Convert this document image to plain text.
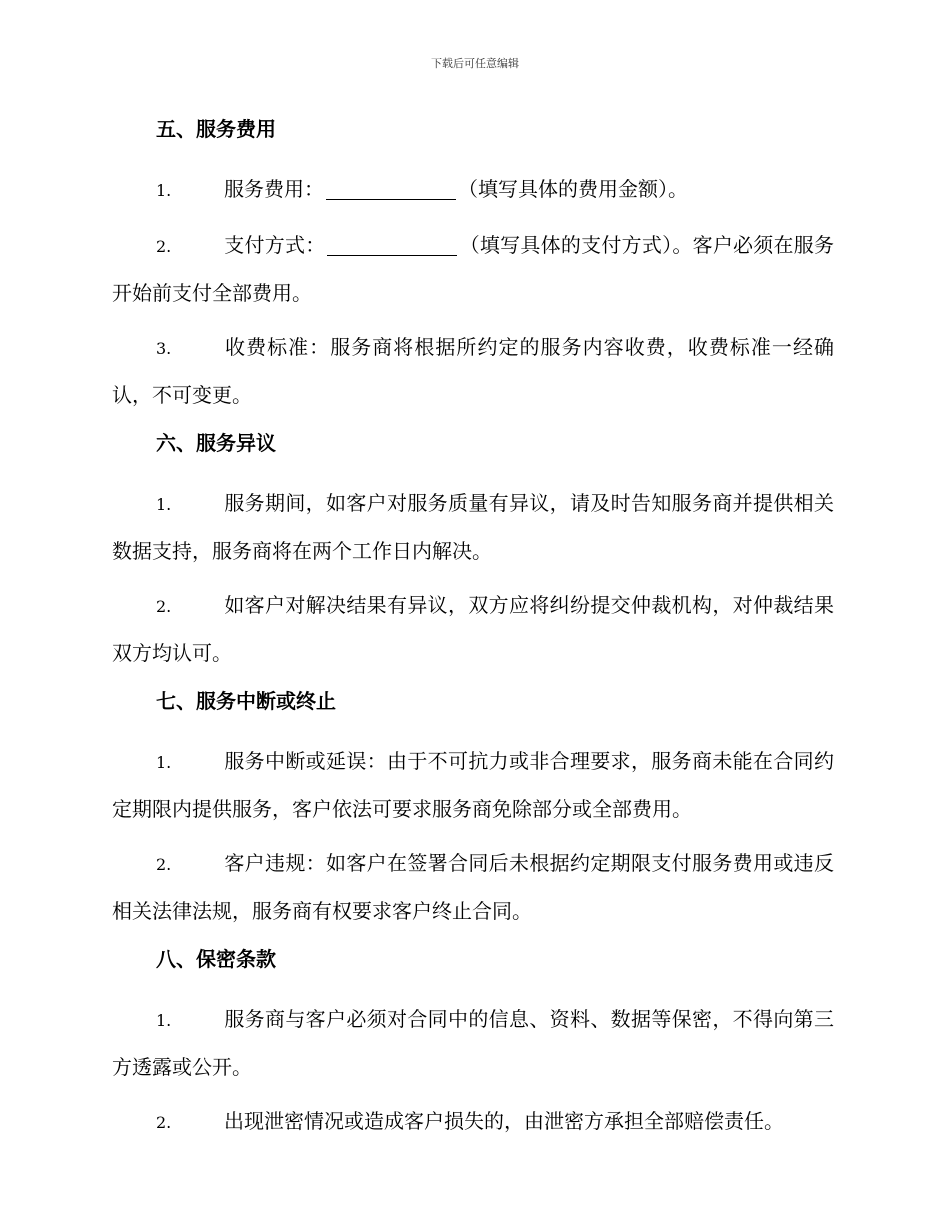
下载后可任意编辑
五、服务费用

1.	服务费用：	（填写具体的费用金额）。

2.	支付方式：	（填写具体的支付方式）。客户必须在服务开始前支付全部费用。

3.	收费标准：服务商将根据所约定的服务内容收费，收费标准一经确认，不可变更。

六、服务异议

1.	服务期间，如客户对服务质量有异议，请及时告知服务商并提供相关数据支持，服务商将在两个工作日内解决。

2.	如客户对解决结果有异议，双方应将纠纷提交仲裁机构，对仲裁结果双方均认可。

七、服务中断或终止

1.	服务中断或延误：由于不可抗力或非合理要求，服务商未能在合同约定期限内提供服务，客户依法可要求服务商免除部分或全部费用。

2.	客户违规：如客户在签署合同后未根据约定期限支付服务费用或违反相关法律法规，服务商有权要求客户终止合同。

八、保密条款

1.	服务商与客户必须对合同中的信息、资料、数据等保密，不得向第三方透露或公开。

2.	出现泄密情况或造成客户损失的，由泄密方承担全部赔偿责任。
